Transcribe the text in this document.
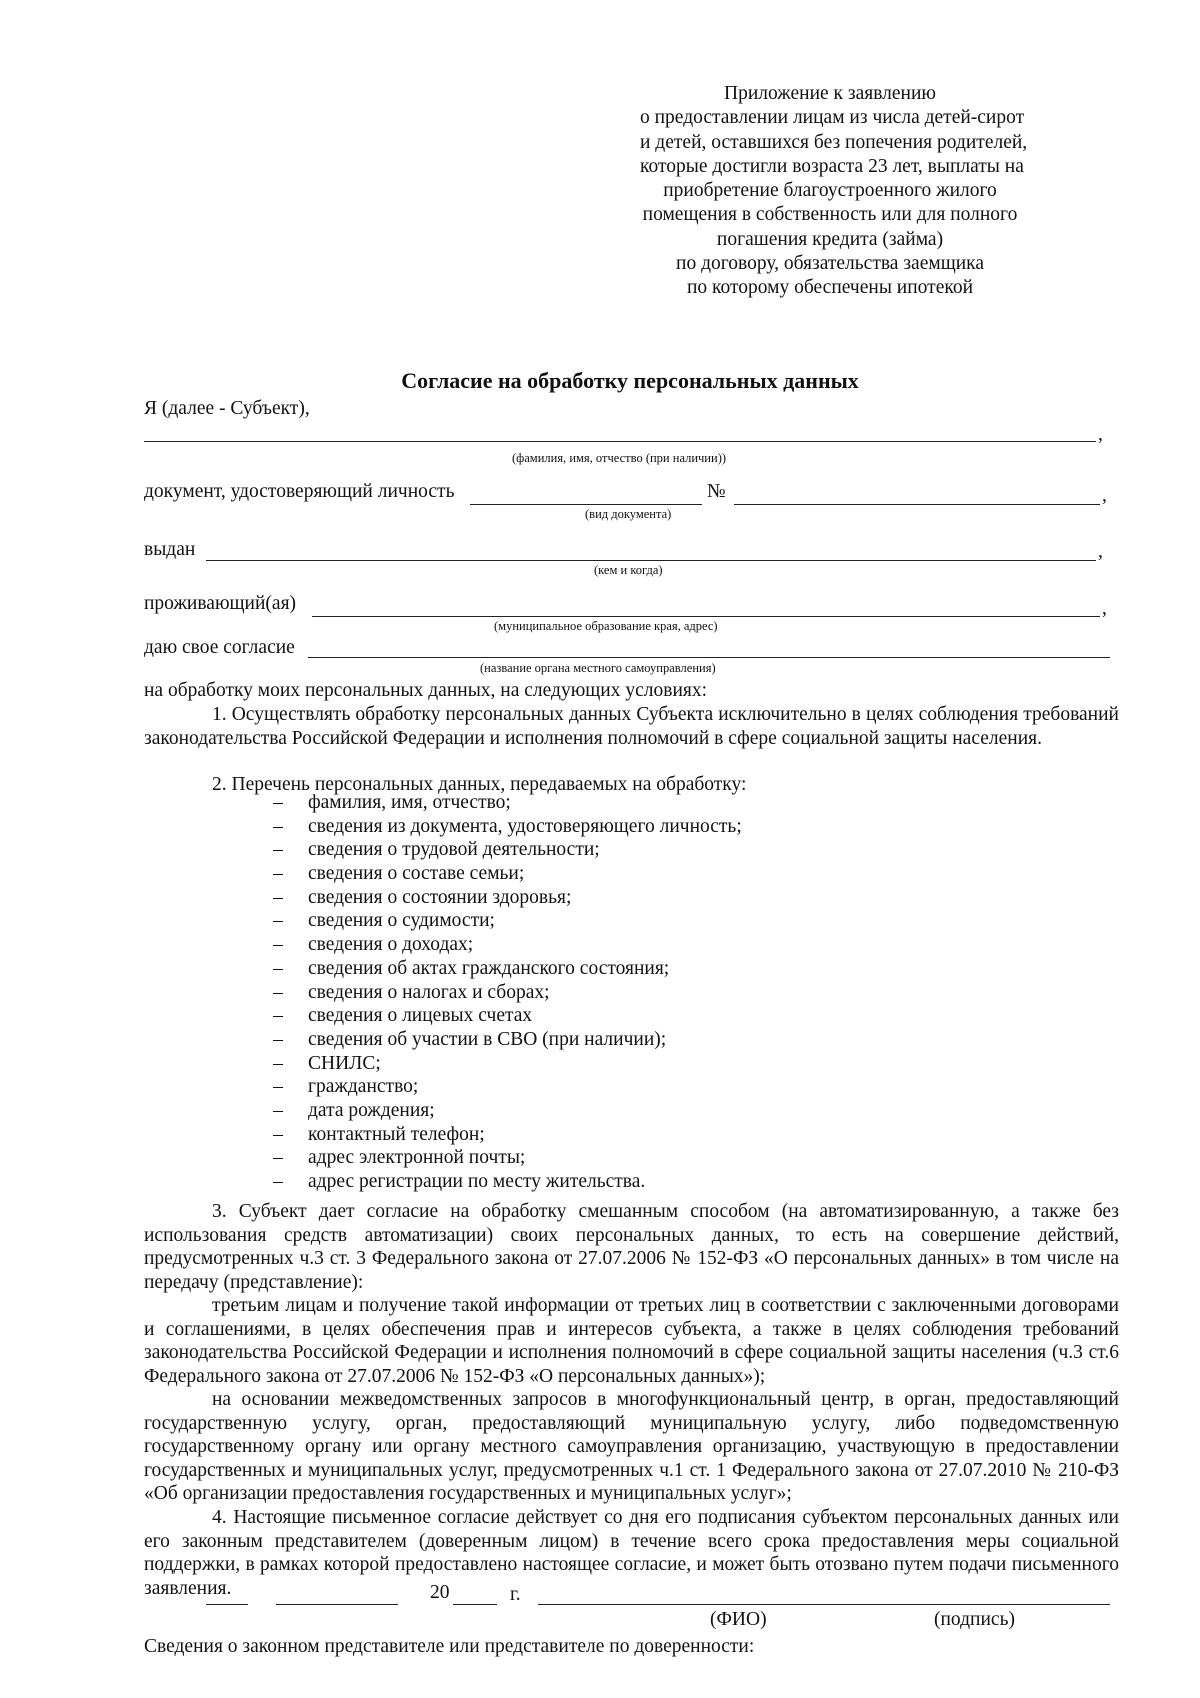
Приложение к заявлению
о предоставлении лицам из числа детей-сирот
и детей, оставшихся без попечения родителей,
которые достигли возраста 23 лет, выплаты на
приобретение благоустроенного жилого
помещения в собственность или для полного
погашения кредита (займа)
по договору, обязательства заемщика
по которому обеспечены ипотекой
Согласие на обработку персональных данных
Я (далее - Субъект),
,
(фамилия, имя, отчество (при наличии))
документ, удостоверяющий личность	№	,
(вид документа)
выдан	,
(кем и когда)
проживающий(ая)	,
(муниципальное образование края, адрес)
даю свое согласие
(название органа местного самоуправления)
на обработку моих персональных данных, на следующих условиях:
1. Осуществлять обработку персональных данных Субъекта исключительно в целях соблюдения требований законодательства Российской Федерации и исполнения полномочий в сфере социальной защиты населения.
2. Перечень персональных данных, передаваемых на обработку:
– фамилия, имя, отчество;
– сведения из документа, удостоверяющего личность;
– сведения о трудовой деятельности;
– сведения о составе семьи;
– сведения о состоянии здоровья;
– сведения о судимости;
– сведения о доходах;
– сведения об актах гражданского состояния;
– сведения о налогах и сборах;
– сведения о лицевых счетах
– сведения об участии в СВО (при наличии);
– СНИЛС;
– гражданство;
– дата рождения;
– контактный телефон;
– адрес электронной почты;
– адрес регистрации по месту жительства.
3. Субъект дает согласие на обработку смешанным способом (на автоматизированную, а также без использования средств автоматизации) своих персональных данных, то есть на совершение действий, предусмотренных ч.3 ст. 3 Федерального закона от 27.07.2006 № 152-ФЗ «О персональных данных» в том числе на передачу (представление):
третьим лицам и получение такой информации от третьих лиц в соответствии с заключенными договорами и соглашениями, в целях обеспечения прав и интересов субъекта, а также в целях соблюдения требований законодательства Российской Федерации и исполнения полномочий в сфере социальной защиты населения (ч.3 ст.6 Федерального закона от 27.07.2006 № 152-ФЗ «О персональных данных»);
на основании межведомственных запросов в многофункциональный центр, в орган, предоставляющий государственную услугу, орган, предоставляющий муниципальную услугу, либо подведомственную государственному органу или органу местного самоуправления организацию, участвующую в предоставлении государственных и муниципальных услуг, предусмотренных ч.1 ст. 1 Федерального закона от 27.07.2010 № 210-ФЗ «Об организации предоставления государственных и муниципальных услуг»;
4. Настоящие письменное согласие действует со дня его подписания субъектом персональных данных или его законным представителем (доверенным лицом) в течение всего срока предоставления меры социальной поддержки, в рамках которой предоставлено настоящее согласие, и может быть отозвано путем подачи письменного заявления.	20	г.
(ФИО)	(подпись)
Сведения о законном представителе или представителе по доверенности:
